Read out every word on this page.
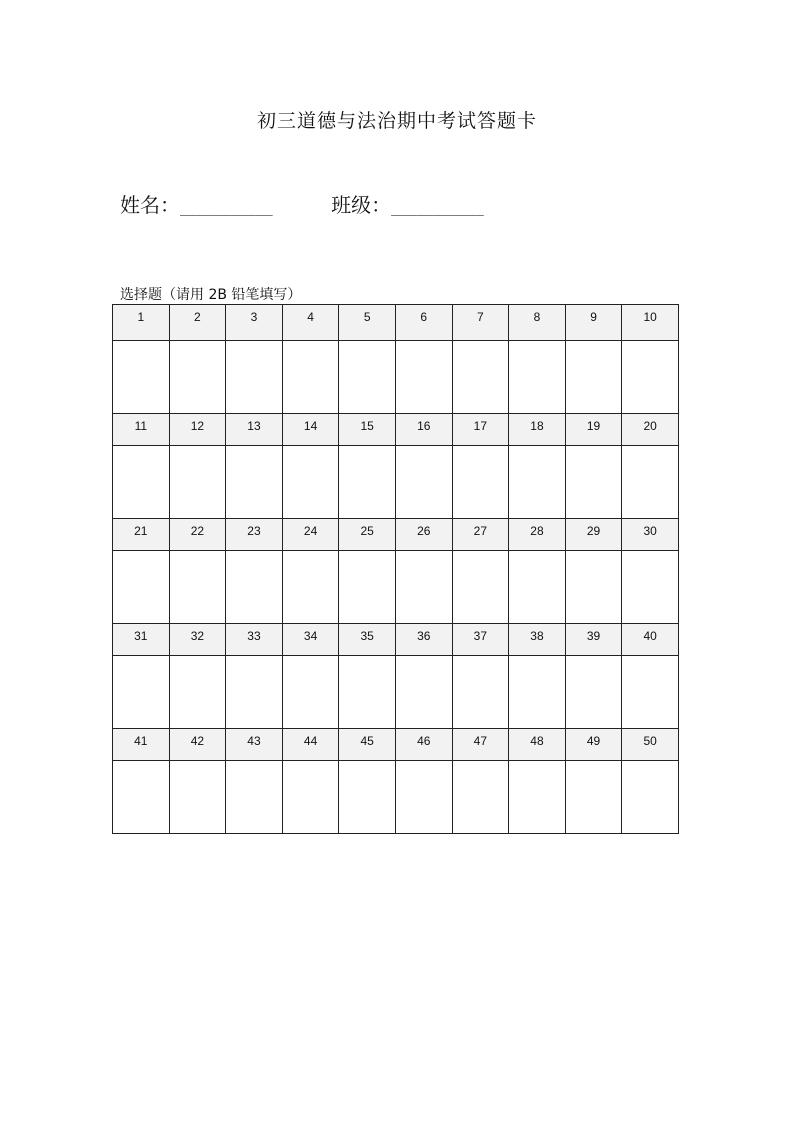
初三道德与法治期中考试答题卡
姓名：___________	班级：___________
选择题（请用 2B 铅笔填写）
1	2	3	4	5	6	7	8	9	10

11	12	13	14	15	16	17	18	19	20

21	22	23	24	25	26	27	28	29	30

31	32	33	34	35	36	37	38	39	40

41	42	43	44	45	46	47	48	49	50
